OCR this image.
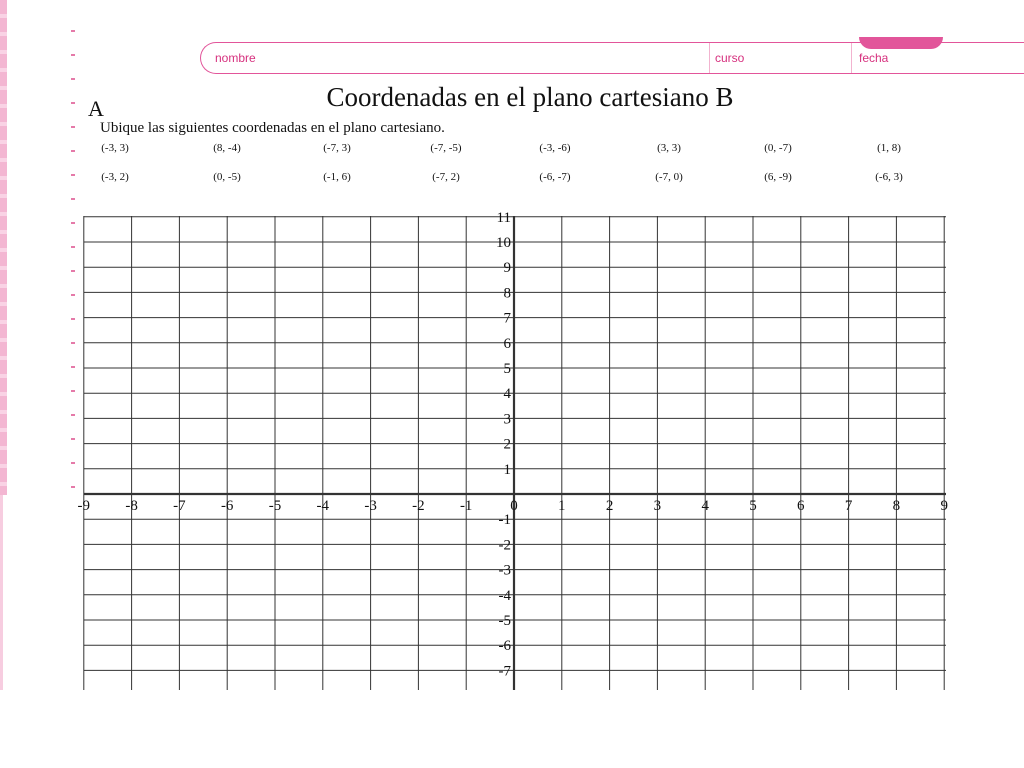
nombre	curso	fecha
Coordenadas en el plano cartesiano B
A
Ubique las siguientes coordenadas en el plano cartesiano.
(-3, 3)	(8, -4)	(-7, 3)	(-7, -5)	(-3, -6)	(3, 3)	(0, -7)	(1, 8)
(-3, 2)	(0, -5)	(-1, 6)	(-7, 2)	(-6, -7)	(-7, 0)	(6, -9)	(-6, 3)
-9 -8 -7 -6 -5 -4 -3 -2 -1	0	1	2	3	4	5	6	7	8	9
11
10
9
8
7
6
5
4
3
2
1
-1
-2
-3
-4
-5
-6
-7
